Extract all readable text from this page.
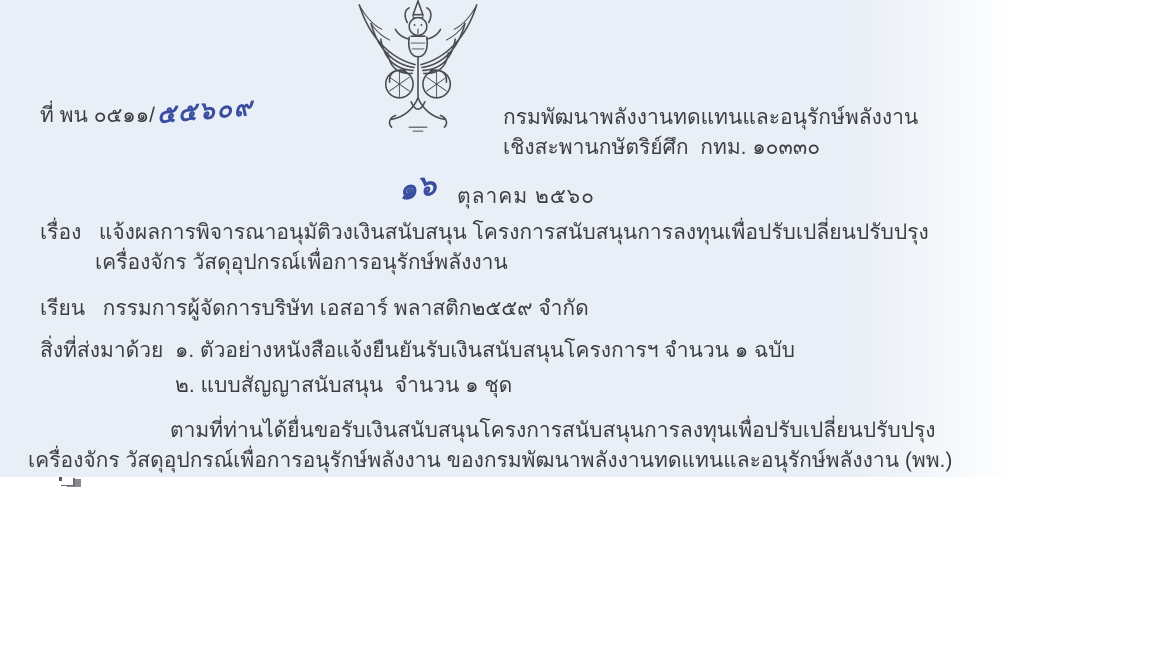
ที่ พน ๐๕๑๑/๕๕๖๐๙	กรมพัฒนาพลังงานทดแทนและอนุรักษ์พลังงาน
เชิงสะพานกษัตริย์ศึก  กทม. ๑๐๓๓๐
๑๖ ตุลาคม ๒๕๖๐
เรื่อง   แจ้งผลการพิจารณาอนุมัติวงเงินสนับสนุน โครงการสนับสนุนการลงทุนเพื่อปรับเปลี่ยนปรับปรุง
เครื่องจักร วัสดุอุปกรณ์เพื่อการอนุรักษ์พลังงาน
เรียน   กรรมการผู้จัดการบริษัท เอสอาร์ พลาสติก๒๕๕๙ จำกัด
สิ่งที่ส่งมาด้วย ๑. ตัวอย่างหนังสือแจ้งยืนยันรับเงินสนับสนุนโครงการฯ จำนวน ๑ ฉบับ
๒. แบบสัญญาสนับสนุน  จำนวน ๑ ชุด
ตามที่ท่านได้ยื่นขอรับเงินสนับสนุนโครงการสนับสนุนการลงทุนเพื่อปรับเปลี่ยนปรับปรุง
เครื่องจักร วัสดุอุปกรณ์เพื่อการอนุรักษ์พลังงาน ของกรมพัฒนาพลังงานทดแทนและอนุรักษ์พลังงาน (พพ.)
